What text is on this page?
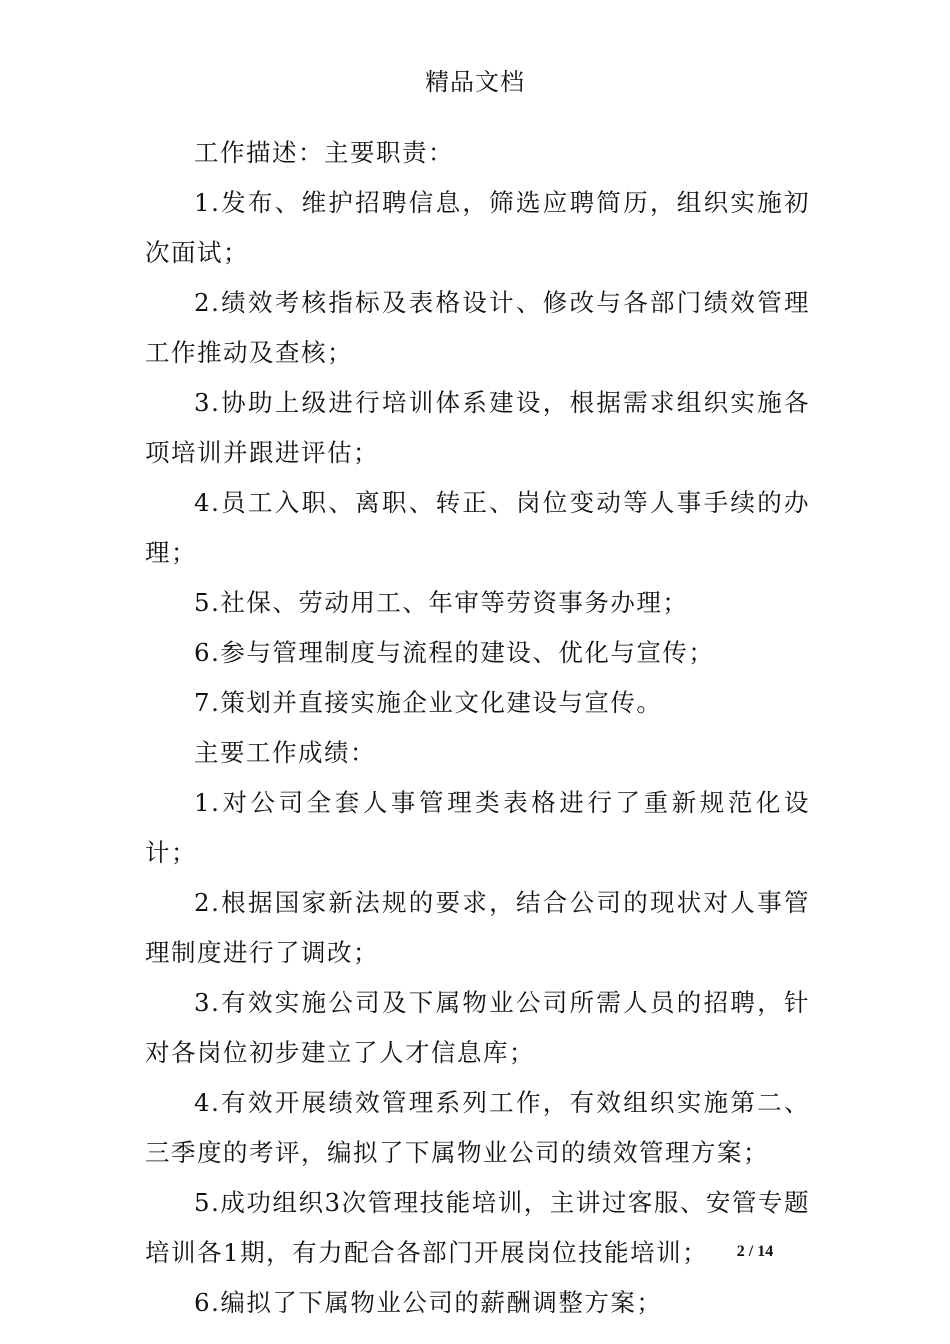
精品文档

工作描述：主要职责：

1.发布、维护招聘信息，筛选应聘简历，组织实施初次面试；

2.绩效考核指标及表格设计、修改与各部门绩效管理工作推动及查核；

3.协助上级进行培训体系建设，根据需求组织实施各项培训并跟进评估；

4.员工入职、离职、转正、岗位变动等人事手续的办理；

5.社保、劳动用工、年审等劳资事务办理；

6.参与管理制度与流程的建设、优化与宣传；

7.策划并直接实施企业文化建设与宣传。

主要工作成绩：

1.对公司全套人事管理类表格进行了重新规范化设计；

2.根据国家新法规的要求，结合公司的现状对人事管理制度进行了调改；

3.有效实施公司及下属物业公司所需人员的招聘，针对各岗位初步建立了人才信息库；

4.有效开展绩效管理系列工作，有效组织实施第二、三季度的考评，编拟了下属物业公司的绩效管理方案；

5.成功组织3次管理技能培训，主讲过客服、安管专题培训各1期，有力配合各部门开展岗位技能培训；

6.编拟了下属物业公司的薪酬调整方案；

2 / 14
